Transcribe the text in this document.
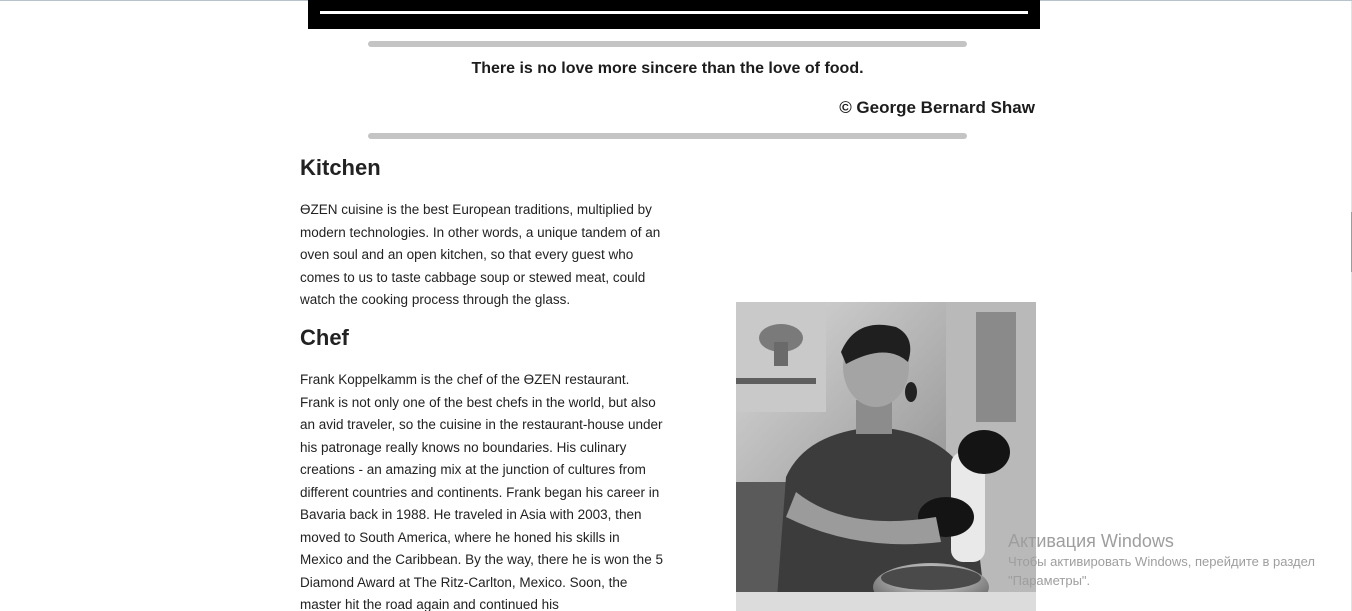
There is no love more sincere than the love of food.
© George Bernard Shaw
Kitchen

ӨZEN cuisine is the best European traditions, multiplied by modern technologies. In other words, a unique tandem of an oven soul and an open kitchen, so that every guest who comes to us to taste cabbage soup or stewed meat, could watch the cooking process through the glass.

Chef

Frank Koppelkamm is the chef of the ӨZEN restaurant. Frank is not only one of the best chefs in the world, but also an avid traveler, so the cuisine in the restaurant-house under his patronage really knows no boundaries. His culinary creations - an amazing mix at the junction of cultures from different countries and continents. Frank began his career in Bavaria back in 1988. He traveled in Asia with 2003, then moved to South America, where he honed his skills in Mexico and the Caribbean. By the way, there he is won the 5 Diamond Award at The Ritz-Carlton, Mexico. Soon, the master hit the road again and continued his

Активация Windows
Чтобы активировать Windows, перейдите в раздел "Параметры".
